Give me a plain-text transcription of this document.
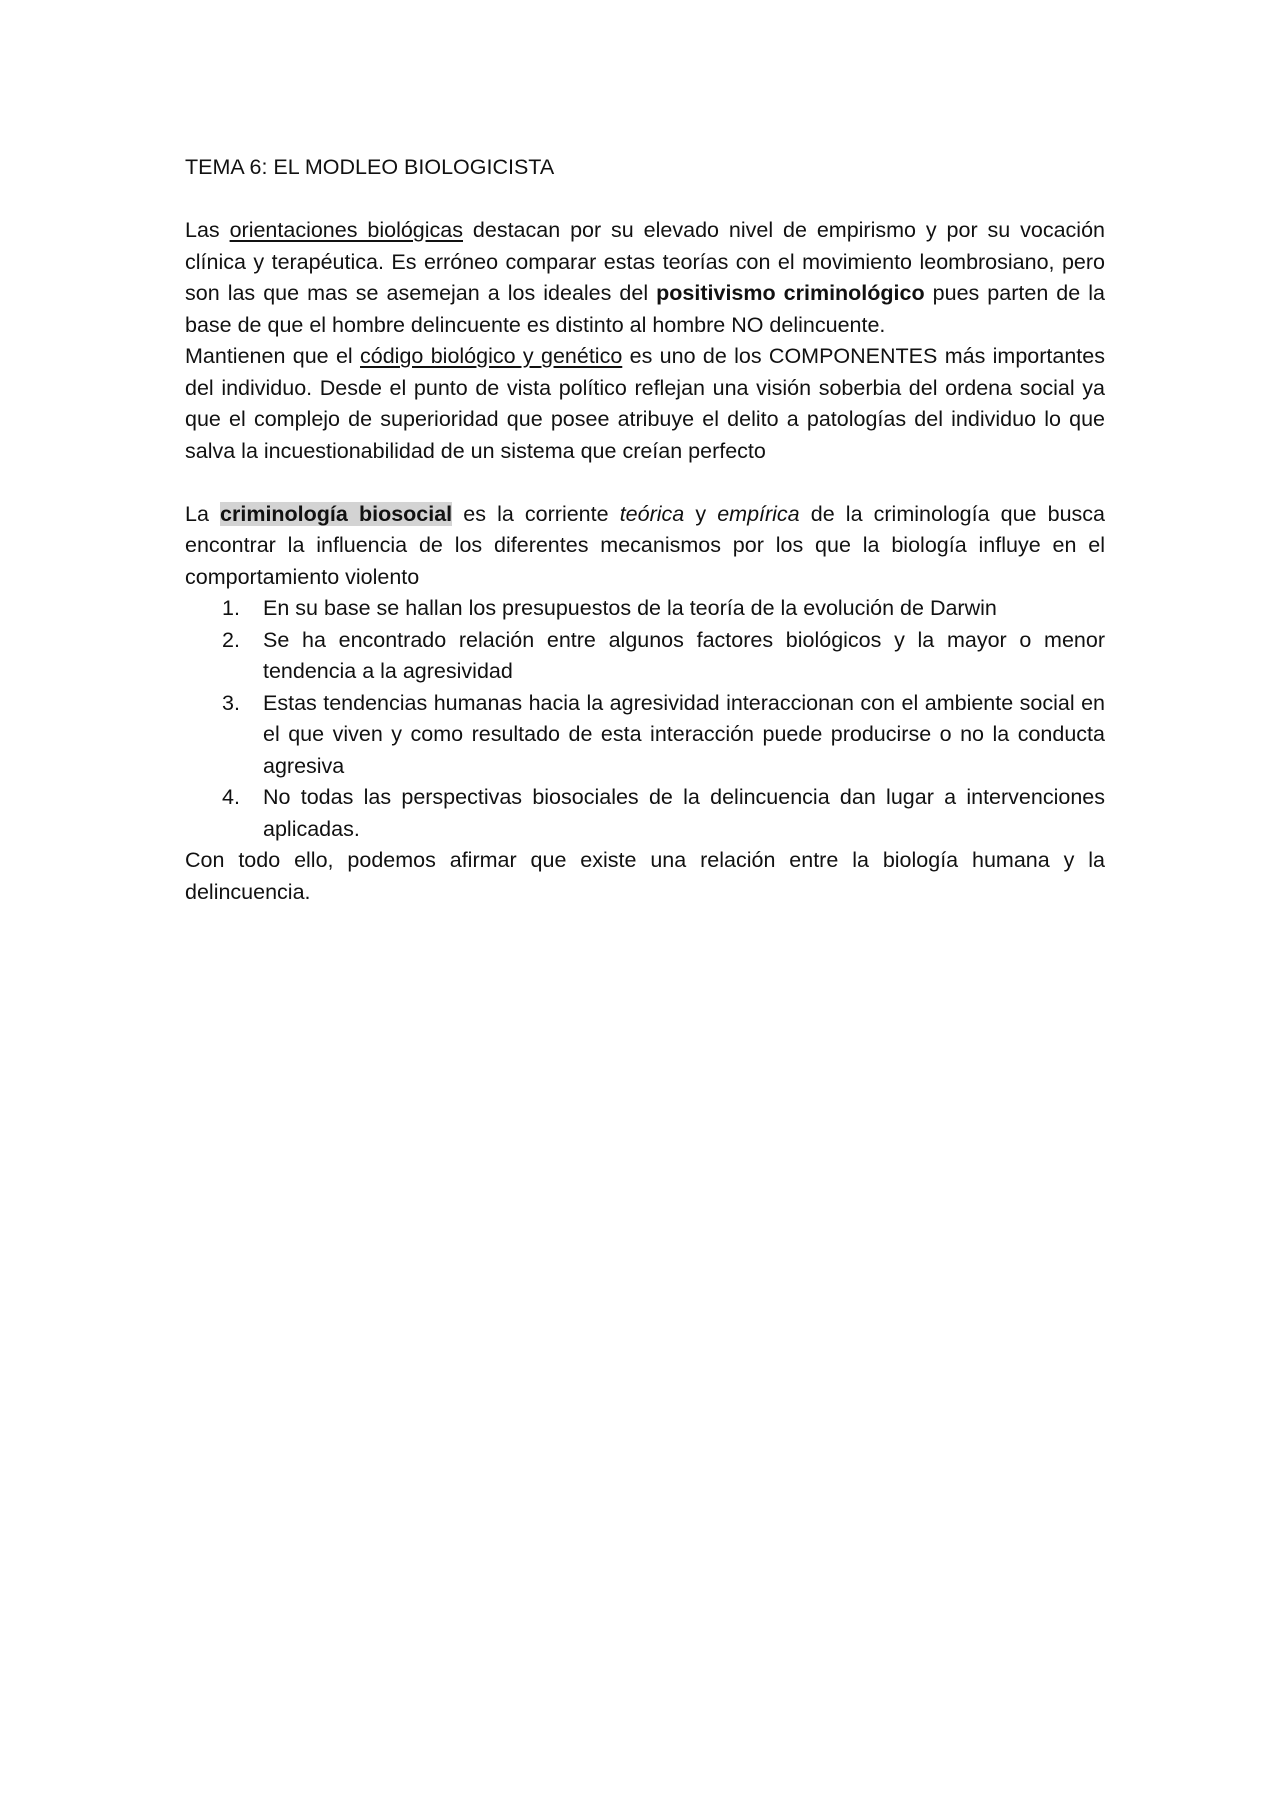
TEMA 6: EL MODLEO BIOLOGICISTA

Las orientaciones biológicas destacan por su elevado nivel de empirismo y por su vocación clínica y terapéutica. Es erróneo comparar estas teorías con el movimiento leombrosiano, pero son las que mas se asemejan a los ideales del positivismo criminológico pues parten de la base de que el hombre delincuente es distinto al hombre NO delincuente.

Mantienen que el código biológico y genético es uno de los COMPONENTES más importantes del individuo. Desde el punto de vista político reflejan una visión soberbia del ordena social ya que el complejo de superioridad que posee atribuye el delito a patologías del individuo lo que salva la incuestionabilidad de un sistema que creían perfecto

La criminología biosocial es la corriente teórica y empírica de la criminología que busca encontrar la influencia de los diferentes mecanismos por los que la biología influye en el comportamiento violento

1. En su base se hallan los presupuestos de la teoría de la evolución de Darwin
2. Se ha encontrado relación entre algunos factores biológicos y la mayor o menor tendencia a la agresividad
3. Estas tendencias humanas hacia la agresividad interaccionan con el ambiente social en el que viven y como resultado de esta interacción puede producirse o no la conducta agresiva
4. No todas las perspectivas biosociales de la delincuencia dan lugar a intervenciones aplicadas.

Con todo ello, podemos afirmar que existe una relación entre la biología humana y la delincuencia.
